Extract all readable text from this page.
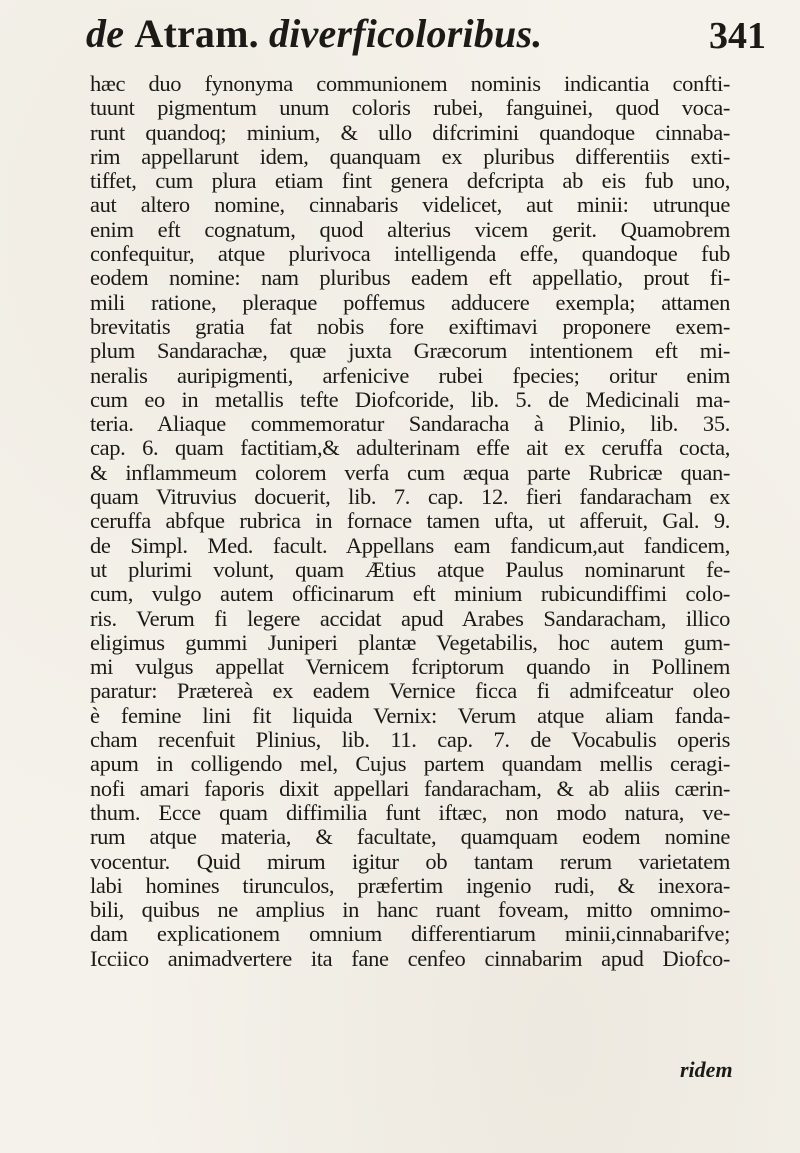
de Atram. diverficoloribus.	341
hæc duo fynonyma communionem nominis indicantia confti-
tuunt pigmentum unum coloris rubei, fanguinei, quod voca-
runt quandoq; minium, & ullo difcrimini quandoque cinnaba-
rim appellarunt idem, quanquam ex pluribus differentiis exti-
tiffet, cum plura etiam fint genera defcripta ab eis fub uno,
aut altero nomine, cinnabaris videlicet, aut minii: utrunque
enim eft cognatum, quod alterius vicem gerit. Quamobrem
confequitur, atque plurivoca intelligenda effe, quandoque fub
eodem nomine: nam pluribus eadem eft appellatio, prout fi-
mili ratione, pleraque poffemus adducere exempla; attamen
brevitatis gratia fat nobis fore exiftimavi proponere exem-
plum Sandarachæ, quæ juxta Græcorum intentionem eft mi-
neralis auripigmenti, arfenicive rubei fpecies; oritur enim
cum eo in metallis tefte Diofcoride, lib. 5. de Medicinali ma-
teria. Aliaque commemoratur Sandaracha à Plinio, lib. 35.
cap. 6. quam factitiam,& adulterinam effe ait ex ceruffa cocta,
& inflammeum colorem verfa cum æqua parte Rubricæ quan-
quam Vitruvius docuerit, lib. 7. cap. 12. fieri fandaracham ex
ceruffa abfque rubrica in fornace tamen ufta, ut afferuit, Gal. 9.
de Simpl. Med. facult. Appellans eam fandicum,aut fandicem,
ut plurimi volunt, quam Ætius atque Paulus nominarunt fe-
cum, vulgo autem officinarum eft minium rubicundiffimi colo-
ris. Verum fi legere accidat apud Arabes Sandaracham, illico
eligimus gummi Juniperi plantæ Vegetabilis, hoc autem gum-
mi vulgus appellat Vernicem fcriptorum quando in Pollinem
paratur: Prætereà ex eadem Vernice ficca fi admifceatur oleo
è femine lini fit liquida Vernix: Verum atque aliam fanda-
cham recenfuit Plinius, lib. 11. cap. 7. de Vocabulis operis
apum in colligendo mel, Cujus partem quandam mellis ceragi-
nofi amari faporis dixit appellari fandaracham, & ab aliis cærin-
thum. Ecce quam diffimilia funt iftæc, non modo natura, ve-
rum atque materia, & facultate, quamquam eodem nomine
vocentur. Quid mirum igitur ob tantam rerum varietatem
labi homines tirunculos, præfertim ingenio rudi, & inexora-
bili, quibus ne amplius in hanc ruant foveam, mitto omnimo-
dam explicationem omnium differentiarum minii,cinnabarifve;
Icciico animadvertere ita fane cenfeo cinnabarim apud Diofco-
ridem
